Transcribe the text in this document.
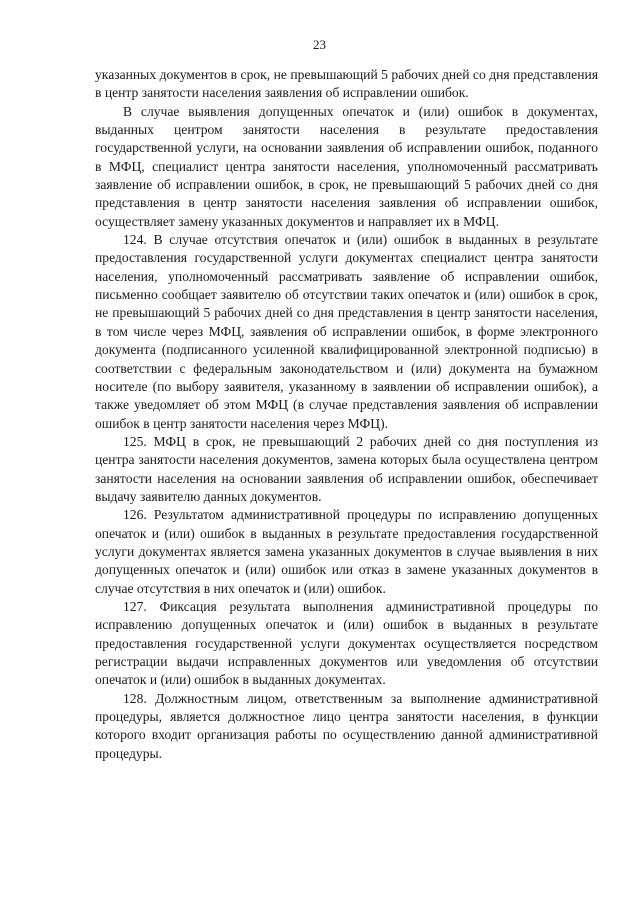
23

указанных документов в срок, не превышающий 5 рабочих дней со дня представления в центр занятости населения заявления об исправлении ошибок.

В случае выявления допущенных опечаток и (или) ошибок в документах, выданных центром занятости населения в результате предоставления государственной услуги, на основании заявления об исправлении ошибок, поданного в МФЦ, специалист центра занятости населения, уполномоченный рассматривать заявление об исправлении ошибок, в срок, не превышающий 5 рабочих дней со дня представления в центр занятости населения заявления об исправлении ошибок, осуществляет замену указанных документов и направляет их в МФЦ.

124. В случае отсутствия опечаток и (или) ошибок в выданных в результате предоставления государственной услуги документах специалист центра занятости населения, уполномоченный рассматривать заявление об исправлении ошибок, письменно сообщает заявителю об отсутствии таких опечаток и (или) ошибок в срок, не превышающий 5 рабочих дней со дня представления в центр занятости населения, в том числе через МФЦ, заявления об исправлении ошибок, в форме электронного документа (подписанного усиленной квалифицированной электронной подписью) в соответствии с федеральным законодательством и (или) документа на бумажном носителе (по выбору заявителя, указанному в заявлении об исправлении ошибок), а также уведомляет об этом МФЦ (в случае представления заявления об исправлении ошибок в центр занятости населения через МФЦ).

125. МФЦ в срок, не превышающий 2 рабочих дней со дня поступления из центра занятости населения документов, замена которых была осуществлена центром занятости населения на основании заявления об исправлении ошибок, обеспечивает выдачу заявителю данных документов.

126. Результатом административной процедуры по исправлению допущенных опечаток и (или) ошибок в выданных в результате предоставления государственной услуги документах является замена указанных документов в случае выявления в них допущенных опечаток и (или) ошибок или отказ в замене указанных документов в случае отсутствия в них опечаток и (или) ошибок.

127. Фиксация результата выполнения административной процедуры по исправлению допущенных опечаток и (или) ошибок в выданных в результате предоставления государственной услуги документах осуществляется посредством регистрации выдачи исправленных документов или уведомления об отсутствии опечаток и (или) ошибок в выданных документах.

128. Должностным лицом, ответственным за выполнение административной процедуры, является должностное лицо центра занятости населения, в функции которого входит организация работы по осуществлению данной административной процедуры.
